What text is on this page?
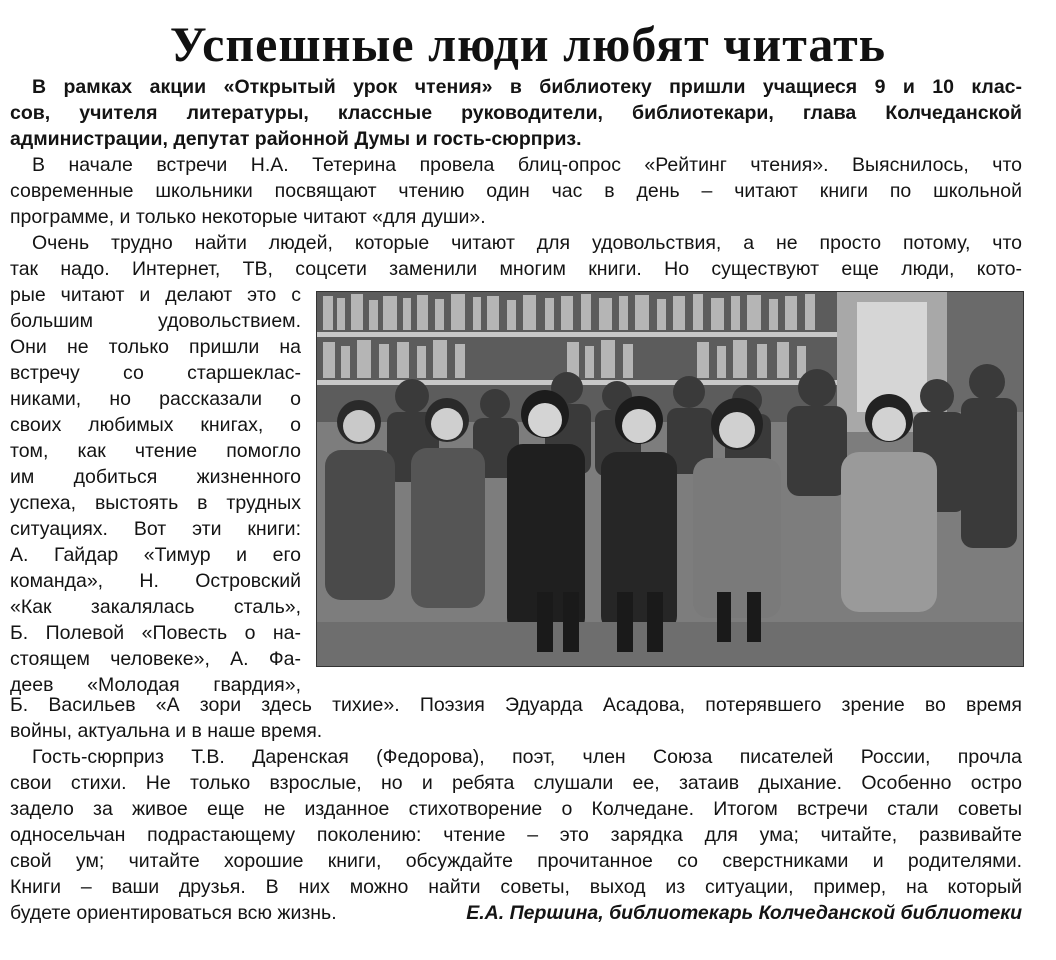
Успешные люди любят читать
В рамках акции «Открытый урок чтения» в библиотеку пришли учащиеся 9 и 10 клас-
сов, учителя литературы, классные руководители, библиотекари, глава Колчеданской
администрации, депутат районной Думы и гость-сюрприз.
В начале встречи Н.А. Тетерина провела блиц-опрос «Рейтинг чтения». Выяснилось, что
современные школьники посвящают чтению один час в день – читают книги по школьной
программе, и только некоторые читают «для души».
Очень трудно найти людей, которые читают для удовольствия, а не просто потому, что
так надо. Интернет, ТВ, соцсети заменили многим книги. Но существуют еще люди, кото-
рые читают и делают это с
большим удовольствием.
Они не только пришли на
встречу со старшеклас-
никами, но рассказали о
своих любимых книгах, о
том, как чтение помогло
им добиться жизненного
успеха, выстоять в трудных
ситуациях. Вот эти книги:
А. Гайдар «Тимур и его
команда», Н. Островский
«Как закалялась сталь»,
Б. Полевой «Повесть о на-
стоящем человеке», А. Фа-
деев «Молодая гвардия»,
Б. Васильев «А зори здесь тихие». Поэзия Эдуарда Асадова, потерявшего зрение во время
войны, актуальна и в наше время.
Гость-сюрприз Т.В. Даренская (Федорова), поэт, член Союза писателей России, прочла
свои стихи. Не только взрослые, но и ребята слушали ее, затаив дыхание. Особенно остро
задело за живое еще не изданное стихотворение о Колчедане. Итогом встречи стали советы
односельчан подрастающему поколению: чтение – это зарядка для ума; читайте, развивайте
свой ум; читайте хорошие книги, обсуждайте прочитанное со сверстниками и родителями.
Книги – ваши друзья. В них можно найти советы, выход из ситуации, пример, на который
будете ориентироваться всю жизнь.	Е.А. Першина, библиотекарь Колчеданской библиотеки
